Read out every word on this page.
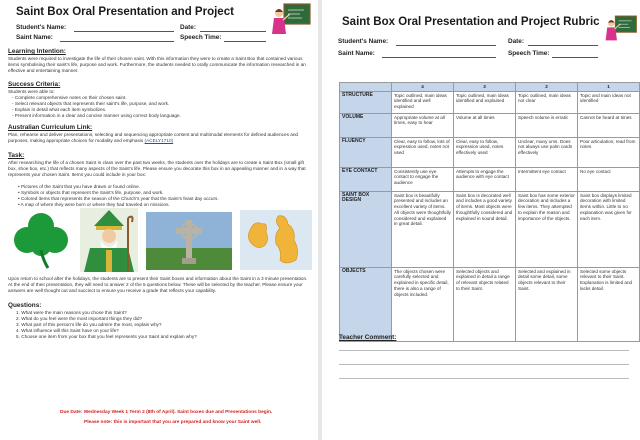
Saint Box Oral Presentation and Project
Student's Name:	Date:
Saint Name:	Speech Time:
Learning Intention:

Students were required to investigate the life of their chosen saint. With this information they were to create a Saint Box that contained various items symbolising their saint's life, purpose and work. Furthermore, the students needed to orally communicate the information researched in an effective and entertaining manner.

Success Criteria:
Students were able to:
- Complete comprehensive notes on their chosen saint.
- Select relevant objects that represents their saint's life, purpose, and work.
- Explain in detail what each item symbolizes.
- Present information in a clear and concise manner using correct body language.
Australian Curriculum Link:

Plan, rehearse and deliver presentations, selecting and sequencing appropriate content and multimodal elements for defined audiences and purposes, making appropriate choices for modality and emphasis (ACELY1710)

Task:

After researching the life of a chosen Saint in class over the past two weeks, the students over the holidays are to create a Saint Box (small gift box, shoe box, etc.) that reflects many aspects of the Saint's life. Please ensure you decorate this box in an appealing manner and in a way that represents your chosen Saint. Items you could include in your box:

• Pictures of the Saint that you have drawn or found online.
• Symbols or objects that represent the Saint's life, purpose, and work.
• Colored items that represents the season of the Church's year that the Saint's feast day occurs.
• A map of where they were born or where they had traveled on missions.

Upon return to school after the holidays, the students are to present their Saint boxes and information about the Saint in a 3 minute presentation. At the end of their presentation, they will need to answer 2 of the 5 questions below. These will be selected by the teacher. Please ensure your answers are well thought out and succinct to ensure you receive a grade that reflects your capability.

Questions:
1. What were the main reasons you chose this Saint?
2. What do you feel were the most important things they did?
3. What part of this person's life do you admire the most, explain why?
4. What influence will this Saint have on your life?
5. Choose one item from your box that you feel represents your Saint and explain why?
Due Date: Wednesday Week 1 Term 2 (8th of April). Saint boxes due and Presentations begin.
Please note: this is important that you are prepared and know your Saint well.
Saint Box Oral Presentation and Project Rubric
Student's Name:	Date:
Saint Name:	Speech Time:
	4	3	2	1
STRUCTURE	Topic outlined, main ideas identified and well explained	Topic outlined, main ideas identified and explained	Topic outlined, main ideas not clear	Topic and main ideas not identified
VOLUME	Appropriate volume at all times, easy to hear	Volume at all times	Speech volume is erratic	Cannot be heard at times
FLUENCY	Clear, easy to follow, lots of expression used, notes not used	Clear, easy to follow, expression used, notes effectively used	Unclear, many ums. Does not always use palm cards effectively	Poor articulation, read from notes
EYE CONTACT	Consistently use eye contact to engage the audience	Attempts to engage the audience with eye contact	Intermittent eye contact	No eye contact
SAINT BOX DESIGN	Saint box is beautifully presented and includes an excellent variety of items. All objects were thoughtfully considered and explained in great detail.	Saint box is decorated well and includes a good variety of items. Most objects were thoughtfully considered and explained in sound detail.	Saint box has some exterior decoration and includes a few items. They attempted to explain the reason and importance of the objects.	Saint box displays limited decoration with limited items within. Little to no explanation was given for each item.
OBJECTS	The objects chosen were carefully selected and explained in specific detail, there is also a range of objects included.	Selected objects and explained in detail a range of relevant objects related to their Saint.	Selected and explained in detail some detail, some objects relevant to their Saint.	Selected some objects relevant to their Saint. Explanation is limited and lacks detail.
Teacher Comment:
